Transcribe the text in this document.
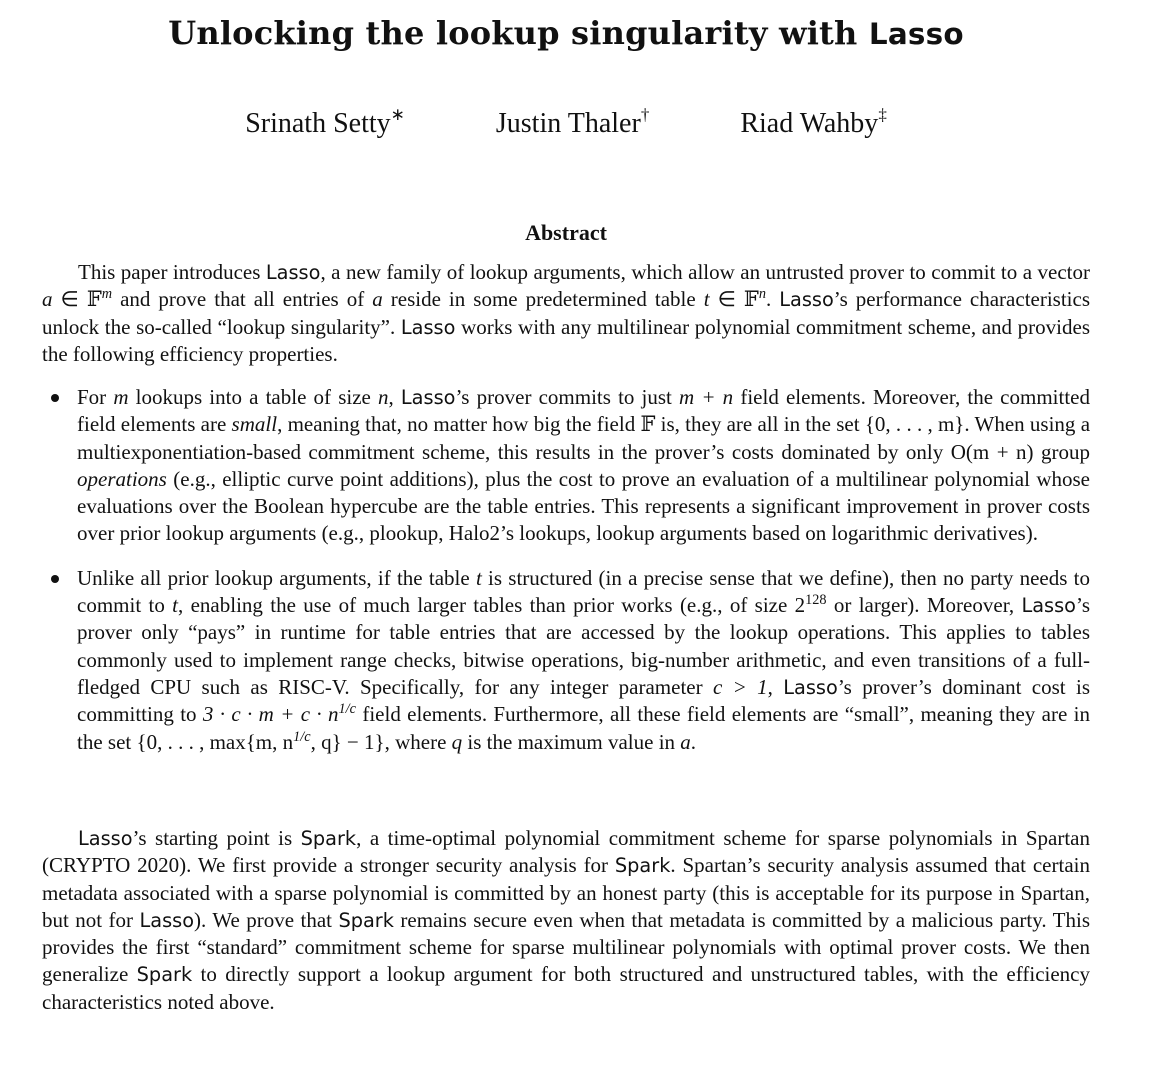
Unlocking the lookup singularity with Lasso
Srinath Setty∗	Justin Thaler†	Riad Wahby‡
Abstract

This paper introduces Lasso, a new family of lookup arguments, which allow an untrusted prover to commit to a vector a ∈ 𝔽$^m$ and prove that all entries of a reside in some predetermined table t ∈ 𝔽$^n$. Lasso’s performance characteristics unlock the so-called “lookup singularity”. Lasso works with any multilinear polynomial commitment scheme, and provides the following efficiency properties.

For m lookups into a table of size n, Lasso’s prover commits to just m + n field elements. Moreover, the committed field elements are small, meaning that, no matter how big the field 𝔽 is, they are all in the set {0, . . . , m}. When using a multiexponentiation-based commitment scheme, this results in the prover’s costs dominated by only O(m + n) group operations (e.g., elliptic curve point additions), plus the cost to prove an evaluation of a multilinear polynomial whose evaluations over the Boolean hypercube are the table entries. This represents a significant improvement in prover costs over prior lookup arguments (e.g., plookup, Halo2’s lookups, lookup arguments based on logarithmic derivatives).
Unlike all prior lookup arguments, if the table t is structured (in a precise sense that we define), then no party needs to commit to t, enabling the use of much larger tables than prior works (e.g., of size $2^{128}$ or larger). Moreover, Lasso’s prover only “pays” in runtime for table entries that are accessed by the lookup operations. This applies to tables commonly used to implement range checks, bitwise operations, big-number arithmetic, and even transitions of a full-fledged CPU such as RISC-V. Specifically, for any integer parameter c > 1, Lasso’s prover’s dominant cost is committing to $3 \cdot c \cdot m + c \cdot n^{1/c}$ field elements. Furthermore, all these field elements are “small”, meaning they are in the set {0, . . . , max{m, $n^{1/c}$, q} − 1}, where q is the maximum value in a.

Lasso’s starting point is Spark, a time-optimal polynomial commitment scheme for sparse polynomials in Spartan (CRYPTO 2020). We first provide a stronger security analysis for Spark. Spartan’s security analysis assumed that certain metadata associated with a sparse polynomial is committed by an honest party (this is acceptable for its purpose in Spartan, but not for Lasso). We prove that Spark remains secure even when that metadata is committed by a malicious party. This provides the first “standard” commitment scheme for sparse multilinear polynomials with optimal prover costs. We then generalize Spark to directly support a lookup argument for both structured and unstructured tables, with the efficiency characteristics noted above.
